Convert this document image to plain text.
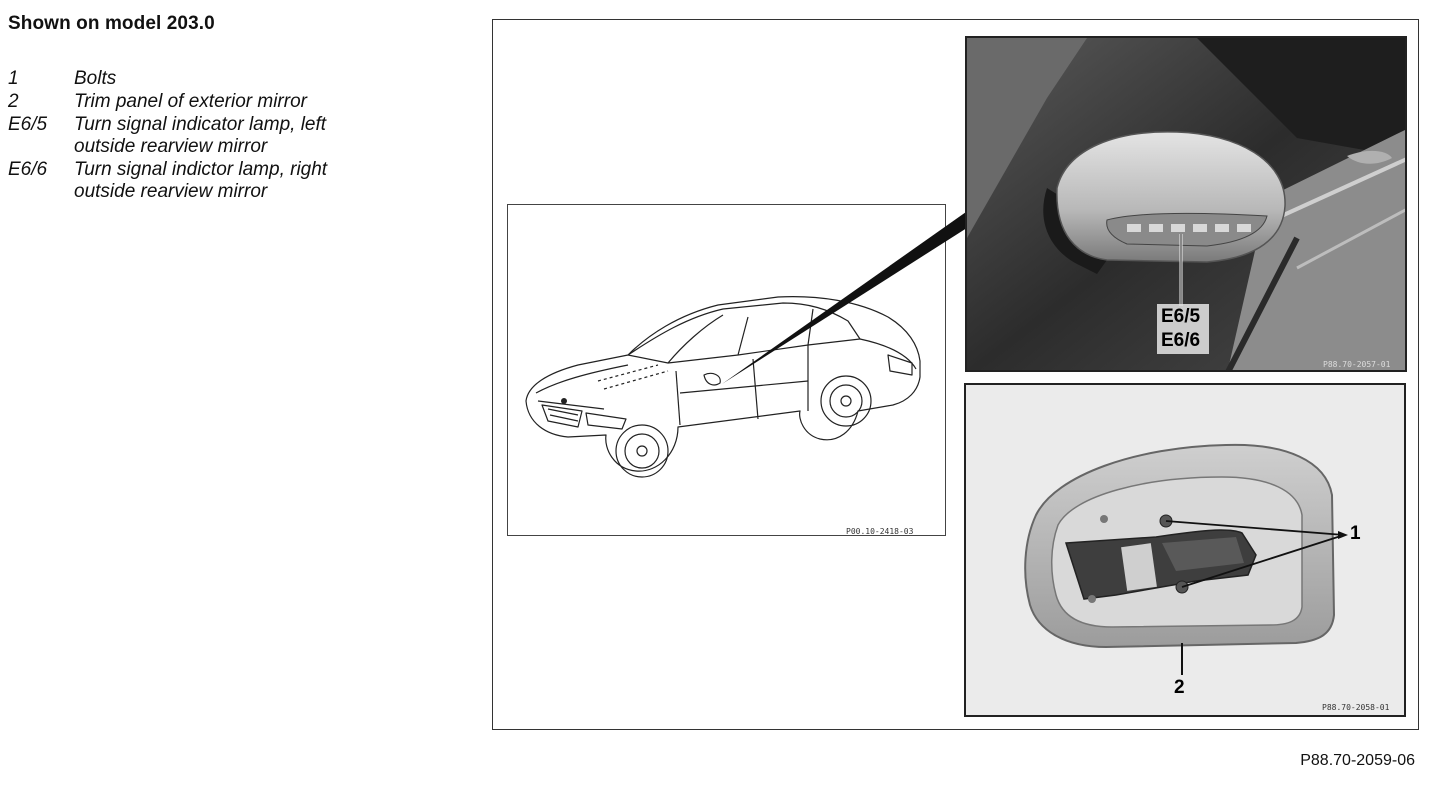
Shown on model 203.0
1	Bolts
2	Trim panel of exterior mirror
E6/5	Turn signal indicator lamp, left
outside rearview mirror
E6/6	Turn signal indictor lamp, right
outside rearview mirror
P00.10-2418-03
E6/5
E6/6
P88.70-2057-01
1
2
P88.70-2058-01
P88.70-2059-06
